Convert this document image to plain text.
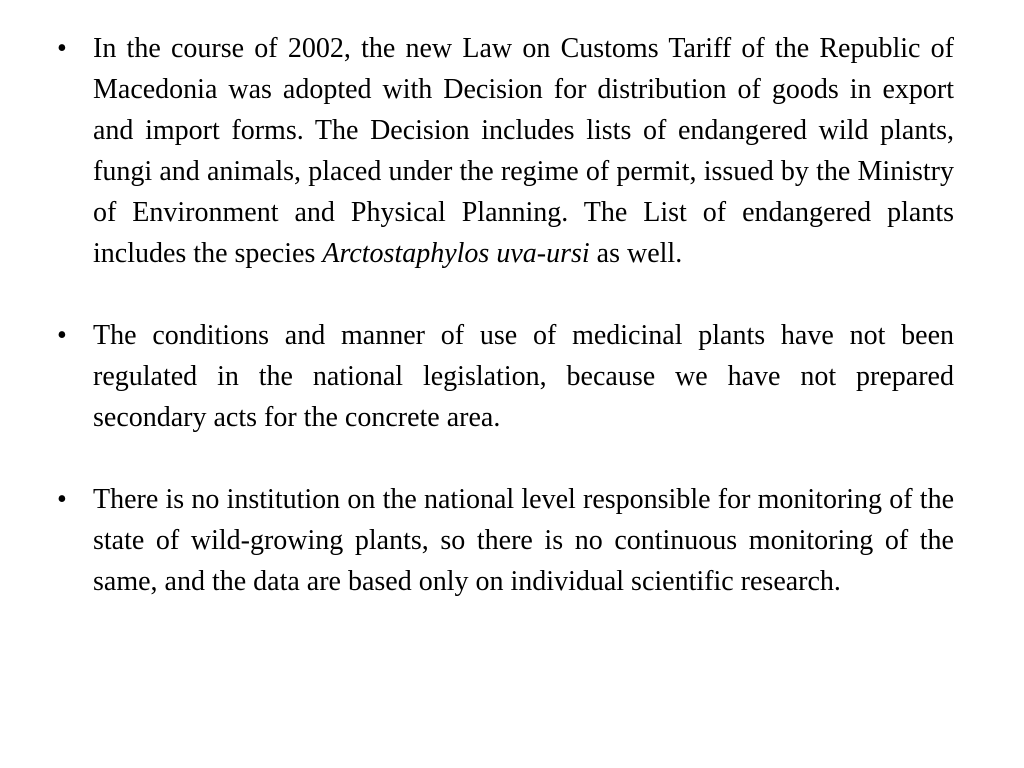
• In the course of 2002, the new Law on Customs Tariff of the Republic of Macedonia was adopted with Decision for distribution of goods in export and import forms. The Decision includes lists of endangered wild plants, fungi and animals, placed under the regime of permit, issued by the Ministry of Environment and Physical Planning. The List of endangered plants includes the species Arctostaphylos uva-ursi as well.
• The conditions and manner of use of medicinal plants have not been regulated in the national legislation, because we have not prepared secondary acts for the concrete area.
• There is no institution on the national level responsible for monitoring of the state of wild-growing plants, so there is no continuous monitoring of the same, and the data are based only on individual scientific research.
